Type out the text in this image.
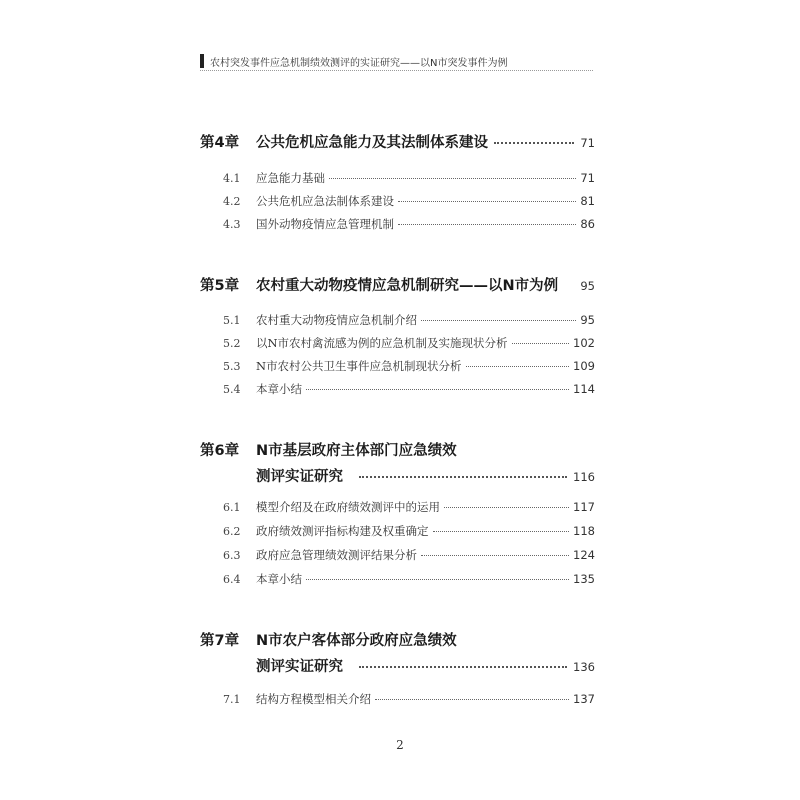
农村突发事件应急机制绩效测评的实证研究——以N市突发事件为例
第4章	公共危机应急能力及其法制体系建设	71
4.1	应急能力基础	71
4.2	公共危机应急法制体系建设	81
4.3	国外动物疫情应急管理机制	86
第5章	农村重大动物疫情应急机制研究——以N市为例 95
5.1	农村重大动物疫情应急机制介绍	95
5.2	以N市农村禽流感为例的应急机制及实施现状分析	102
5.3	N市农村公共卫生事件应急机制现状分析	109
5.4	本章小结	114
第6章	N市基层政府主体部门应急绩效
测评实证研究	116
6.1	模型介绍及在政府绩效测评中的运用	117
6.2	政府绩效测评指标构建及权重确定	118
6.3	政府应急管理绩效测评结果分析	124
6.4	本章小结	135
第7章	N市农户客体部分政府应急绩效
测评实证研究	136
7.1	结构方程模型相关介绍	137
2
